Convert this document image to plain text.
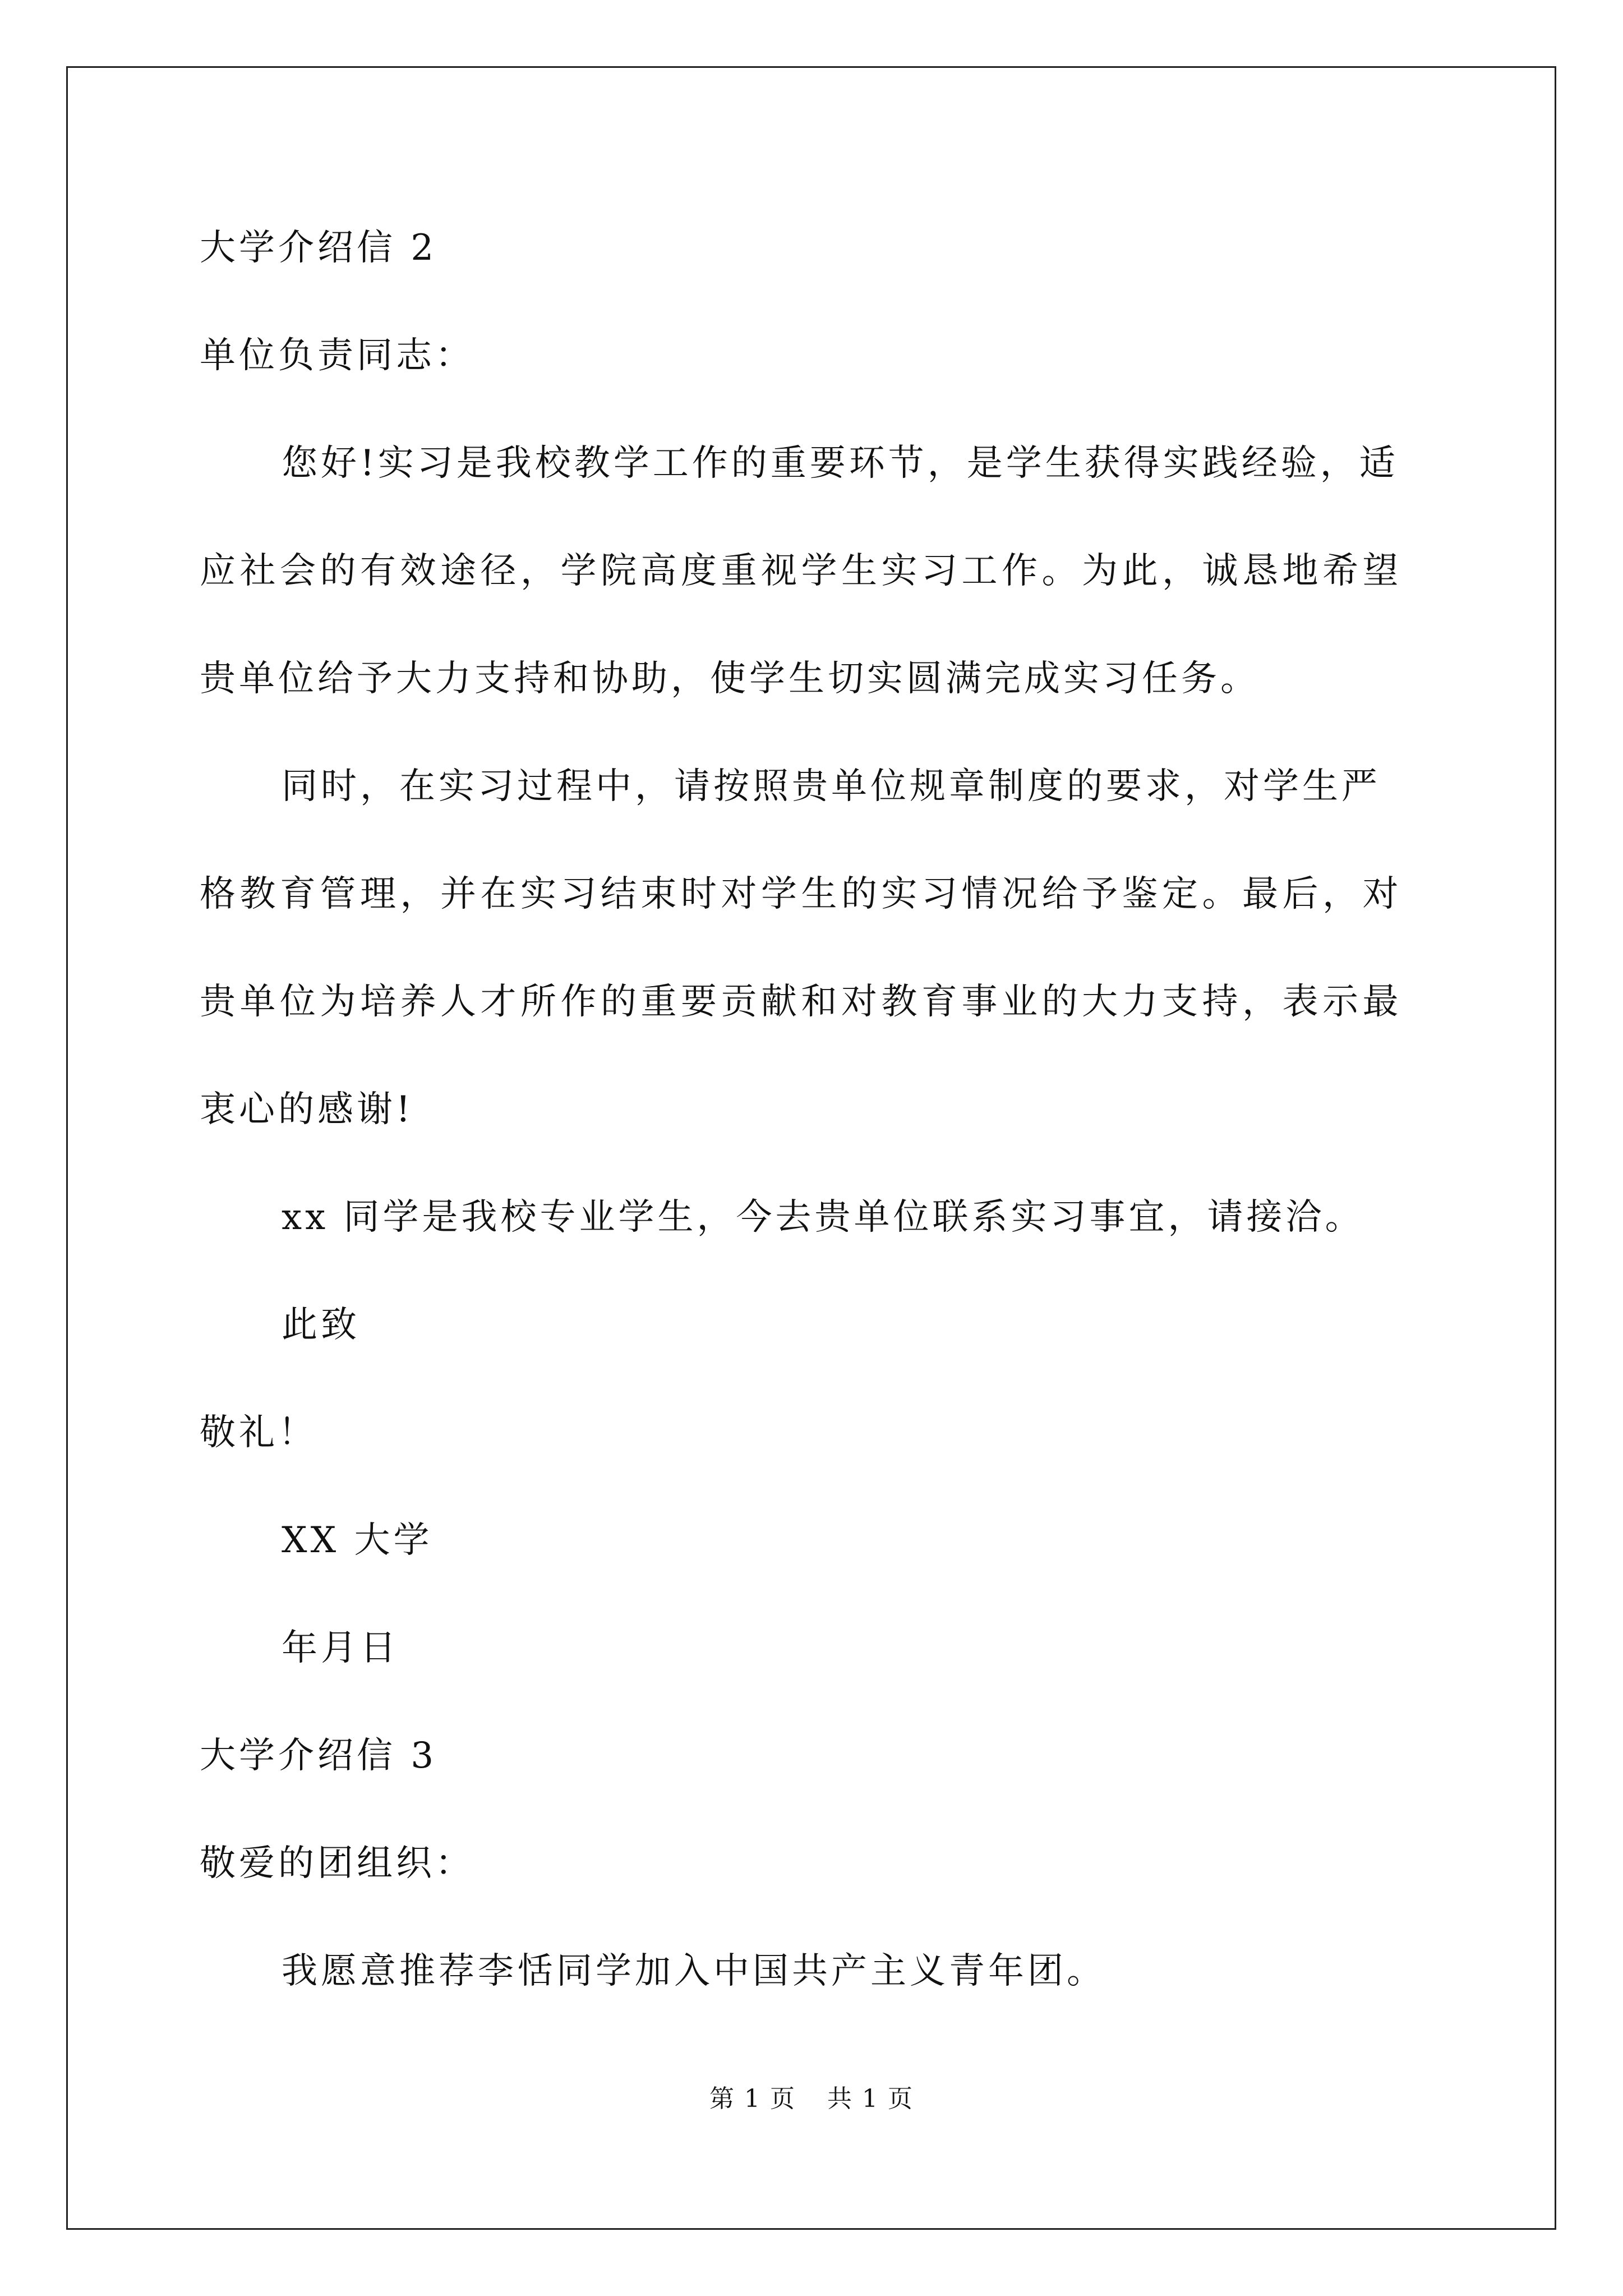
大学介绍信 2
单位负责同志：
您好!实习是我校教学工作的重要环节，是学生获得实践经验，适
应社会的有效途径，学院高度重视学生实习工作。为此，诚恳地希望
贵单位给予大力支持和协助，使学生切实圆满完成实习任务。
同时，在实习过程中，请按照贵单位规章制度的要求，对学生严
格教育管理，并在实习结束时对学生的实习情况给予鉴定。最后，对
贵单位为培养人才所作的重要贡献和对教育事业的大力支持，表示最
衷心的感谢!
xx 同学是我校专业学生，今去贵单位联系实习事宜，请接洽。
此致
敬礼！
XX 大学
年月日
大学介绍信 3
敬爱的团组织：
我愿意推荐李恬同学加入中国共产主义青年团。
第 1 页 共 1 页
